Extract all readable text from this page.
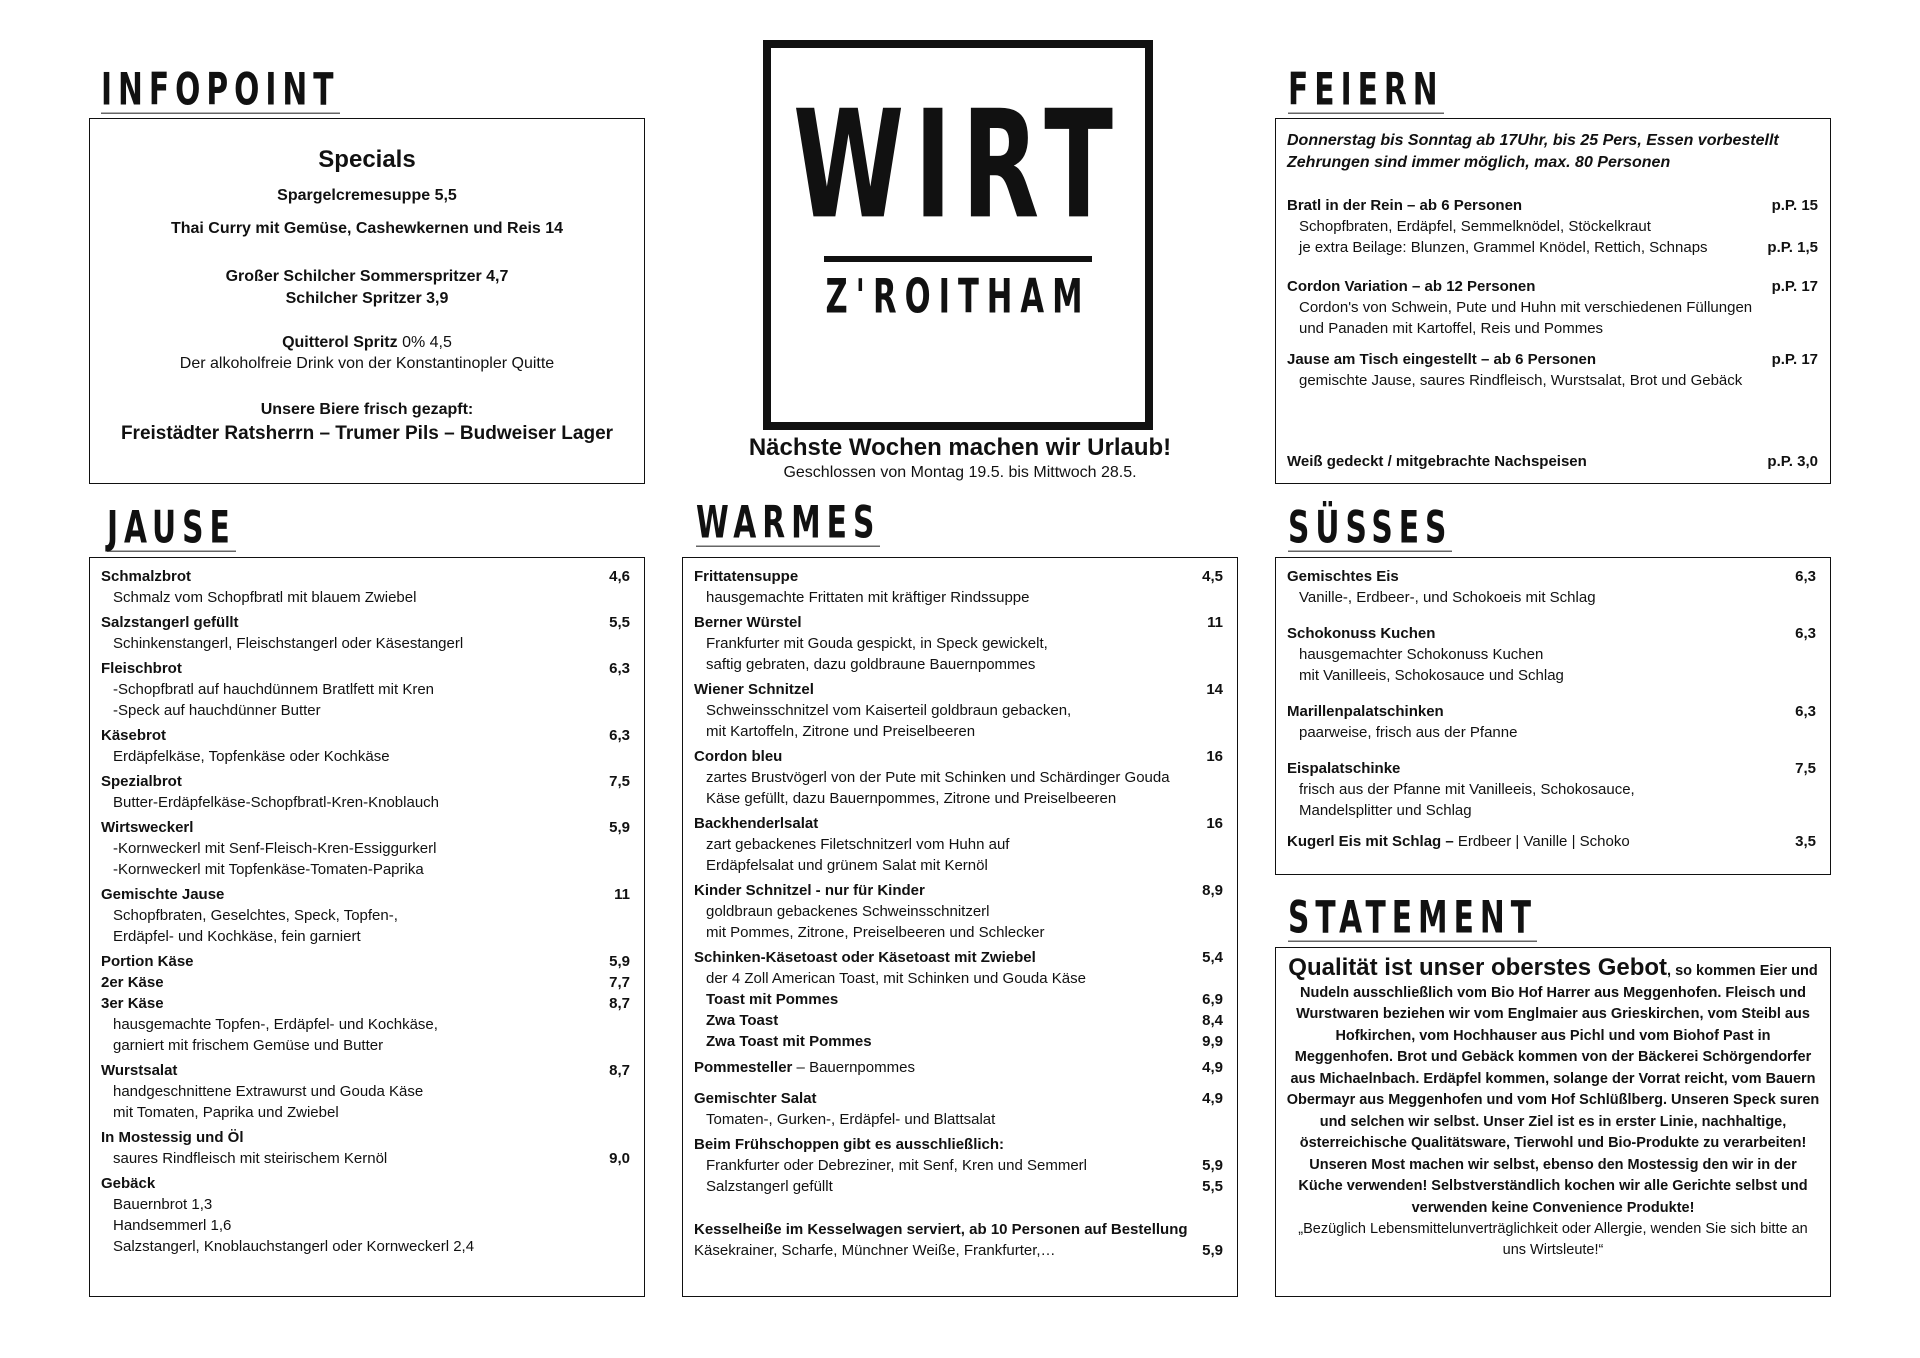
INFOPOINT	FEIERN
JAUSE	WARMES	SÜSSES
STATEMENT
Specials
Spargelcremesuppe 5,5
Thai Curry mit Gemüse, Cashewkernen und Reis 14
Großer Schilcher Sommerspritzer 4,7
Schilcher Spritzer 3,9
Quitterol Spritz 0% 4,5
Der alkoholfreie Drink von der Konstantinopler Quitte
Unsere Biere frisch gezapft:
Freistädter Ratsherrn – Trumer Pils – Budweiser Lager
WIRT
Z'ROITHAM
Nächste Wochen machen wir Urlaub!
Geschlossen von Montag 19.5. bis Mittwoch 28.5.
Donnerstag bis Sonntag ab 17Uhr, bis 25 Pers, Essen vorbestellt
Zehrungen sind immer möglich, max. 80 Personen
Bratl in der Rein – ab 6 Personen	p.P. 15
Schopfbraten, Erdäpfel, Semmelknödel, Stöckelkraut
je extra Beilage: Blunzen, Grammel Knödel, Rettich, Schnaps	p.P. 1,5
Cordon Variation – ab 12 Personen	p.P. 17
Cordon's von Schwein, Pute und Huhn mit verschiedenen Füllungen
und Panaden mit Kartoffel, Reis und Pommes
Jause am Tisch eingestellt – ab 6 Personen	p.P. 17
gemischte Jause, saures Rindfleisch, Wurstsalat, Brot und Gebäck
Weiß gedeckt / mitgebrachte Nachspeisen	p.P. 3,0
Schmalzbrot	4,6
Schmalz vom Schopfbratl mit blauem Zwiebel
Salzstangerl gefüllt	5,5
Schinkenstangerl, Fleischstangerl oder Käsestangerl
Fleischbrot	6,3
-Schopfbratl auf hauchdünnem Bratlfett mit Kren
-Speck auf hauchdünner Butter
Käsebrot	6,3
Erdäpfelkäse, Topfenkäse oder Kochkäse
Spezialbrot	7,5
Butter-Erdäpfelkäse-Schopfbratl-Kren-Knoblauch
Wirtsweckerl	5,9
-Kornweckerl mit Senf-Fleisch-Kren-Essiggurkerl
-Kornweckerl mit Topfenkäse-Tomaten-Paprika
Gemischte Jause	11
Schopfbraten, Geselchtes, Speck, Topfen-,
Erdäpfel- und Kochkäse, fein garniert
Portion Käse	5,9
2er Käse	7,7
3er Käse	8,7
hausgemachte Topfen-, Erdäpfel- und Kochkäse,
garniert mit frischem Gemüse und Butter
Wurstsalat	8,7
handgeschnittene Extrawurst und Gouda Käse
mit Tomaten, Paprika und Zwiebel
In Mostessig und Öl
saures Rindfleisch mit steirischem Kernöl	9,0
Gebäck
Bauernbrot 1,3
Handsemmerl 1,6
Salzstangerl, Knoblauchstangerl oder Kornweckerl 2,4
Frittatensuppe	4,5
hausgemachte Frittaten mit kräftiger Rindssuppe
Berner Würstel	11
Frankfurter mit Gouda gespickt, in Speck gewickelt,
saftig gebraten, dazu goldbraune Bauernpommes
Wiener Schnitzel	14
Schweinsschnitzel vom Kaiserteil goldbraun gebacken,
mit Kartoffeln, Zitrone und Preiselbeeren
Cordon bleu	16
zartes Brustvögerl von der Pute mit Schinken und Schärdinger Gouda
Käse gefüllt, dazu Bauernpommes, Zitrone und Preiselbeeren
Backhenderlsalat	16
zart gebackenes Filetschnitzerl vom Huhn auf
Erdäpfelsalat und grünem Salat mit Kernöl
Kinder Schnitzel - nur für Kinder	8,9
goldbraun gebackenes Schweinsschnitzerl
mit Pommes, Zitrone, Preiselbeeren und Schlecker
Schinken-Käsetoast oder Käsetoast mit Zwiebel	5,4
der 4 Zoll American Toast, mit Schinken und Gouda Käse
Toast mit Pommes	6,9
Zwa Toast	8,4
Zwa Toast mit Pommes	9,9
Pommesteller – Bauernpommes	4,9
Gemischter Salat	4,9
Tomaten-, Gurken-, Erdäpfel- und Blattsalat
Beim Frühschoppen gibt es ausschließlich:
Frankfurter oder Debreziner, mit Senf, Kren und Semmerl	5,9
Salzstangerl gefüllt	5,5
Kesselheiße im Kesselwagen serviert, ab 10 Personen auf Bestellung
Käsekrainer, Scharfe, Münchner Weiße, Frankfurter,…	5,9
Gemischtes Eis	6,3
Vanille-, Erdbeer-, und Schokoeis mit Schlag
Schokonuss Kuchen	6,3
hausgemachter Schokonuss Kuchen
mit Vanilleeis, Schokosauce und Schlag
Marillenpalatschinken	6,3
paarweise, frisch aus der Pfanne
Eispalatschinke	7,5
frisch aus der Pfanne mit Vanilleeis, Schokosauce,
Mandelsplitter und Schlag
Kugerl Eis mit Schlag – Erdbeer | Vanille | Schoko	3,5
Qualität ist unser oberstes Gebot, so kommen Eier und Nudeln ausschließlich vom Bio Hof Harrer aus Meggenhofen. Fleisch und Wurstwaren beziehen wir vom Englmaier aus Grieskirchen, vom Steibl aus Hofkirchen, vom Hochhauser aus Pichl und vom Biohof Past in Meggenhofen. Brot und Gebäck kommen von der Bäckerei Schörgendorfer aus Michaelnbach. Erdäpfel kommen, solange der Vorrat reicht, vom Bauern Obermayr aus Meggenhofen und vom Hof Schlüßlberg. Unseren Speck suren und selchen wir selbst. Unser Ziel ist es in erster Linie, nachhaltige, österreichische Qualitätsware, Tierwohl und Bio-Produkte zu verarbeiten! Unseren Most machen wir selbst, ebenso den Mostessig den wir in der Küche verwenden! Selbstverständlich kochen wir alle Gerichte selbst und verwenden keine Convenience Produkte!
„Bezüglich Lebensmittelunverträglichkeit oder Allergie, wenden Sie sich bitte an uns Wirtsleute!“
